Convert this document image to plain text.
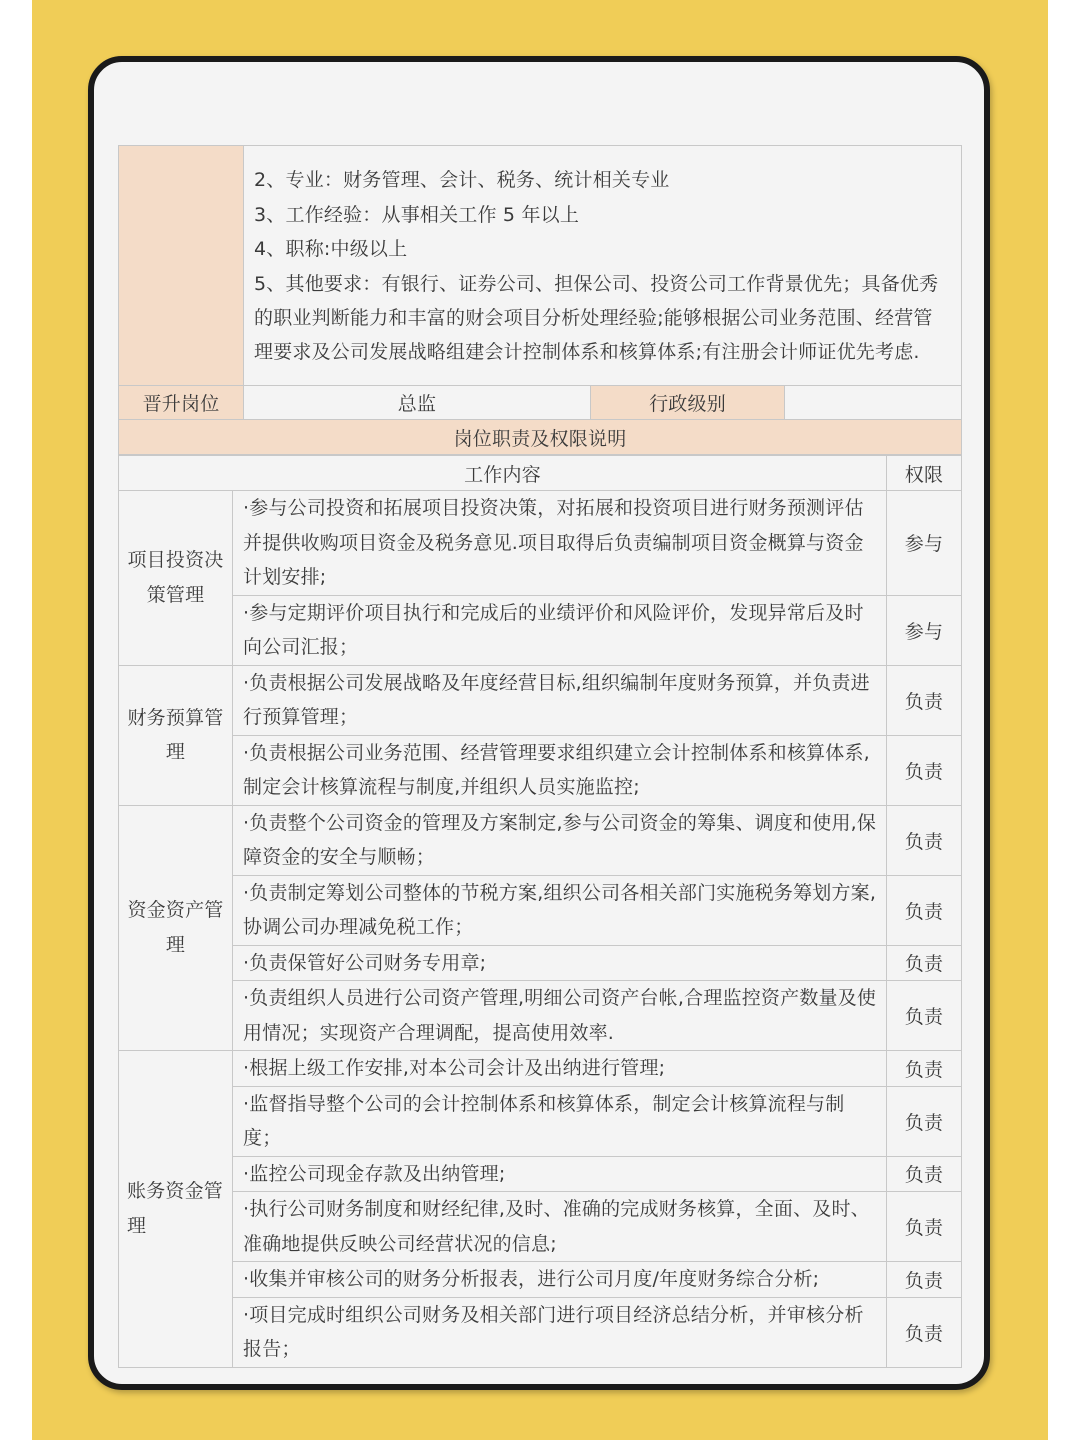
	2、专业：财务管理、会计、税务、统计相关专业
3、工作经验：从事相关工作 5 年以上
4、职称:中级以上
5、其他要求：有银行、证券公司、担保公司、投资公司工作背景优先；具备优秀的职业判断能力和丰富的财会项目分析处理经验;能够根据公司业务范围、经营管理要求及公司发展战略组建会计控制体系和核算体系;有注册会计师证优先考虑.		

晋升岗位	总监	行政级别	
岗位职责及权限说明			
工作内容		权限
项目投资决策管理	·参与公司投资和拓展项目投资决策，对拓展和投资项目进行财务预测评估并提供收购项目资金及税务意见.项目取得后负责编制项目资金概算与资金计划安排;	参与
	·参与定期评价项目执行和完成后的业绩评价和风险评价，发现异常后及时向公司汇报；	参与
财务预算管理	·负责根据公司发展战略及年度经营目标,组织编制年度财务预算，并负责进行预算管理；	负责
	·负责根据公司业务范围、经营管理要求组织建立会计控制体系和核算体系,制定会计核算流程与制度,并组织人员实施监控;	负责
资金资产管理	·负责整个公司资金的管理及方案制定,参与公司资金的筹集、调度和使用,保障资金的安全与顺畅；	负责
	·负责制定筹划公司整体的节税方案,组织公司各相关部门实施税务筹划方案,协调公司办理减免税工作；	负责
	·负责保管好公司财务专用章;	负责
	·负责组织人员进行公司资产管理,明细公司资产台帐,合理监控资产数量及使用情况；实现资产合理调配，提高使用效率.	负责
账务资金管理	·根据上级工作安排,对本公司会计及出纳进行管理;	负责
	·监督指导整个公司的会计控制体系和核算体系，制定会计核算流程与制度；	负责
	·监控公司现金存款及出纳管理;	负责
	·执行公司财务制度和财经纪律,及时、准确的完成财务核算，全面、及时、准确地提供反映公司经营状况的信息;	负责
	·收集并审核公司的财务分析报表，进行公司月度/年度财务综合分析;	负责
	·项目完成时组织公司财务及相关部门进行项目经济总结分析，并审核分析报告；	负责
